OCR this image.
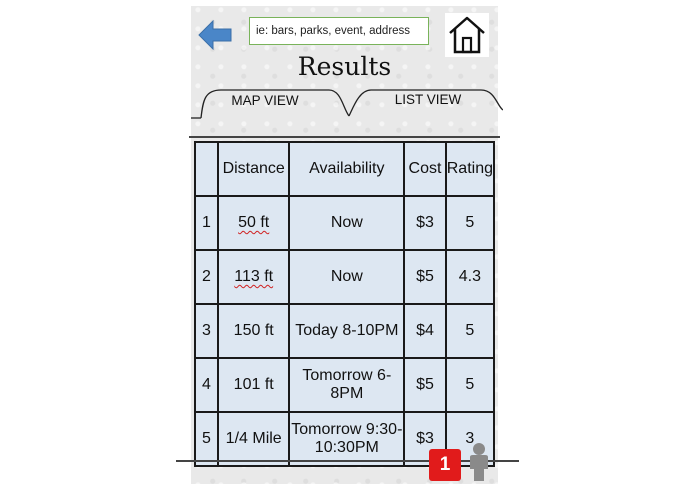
ie: bars, parks, event, address
Results
MAP VIEW	LIST VIEW
	Distance	Availability	Cost	Rating
1	50 ft	Now	$3	5
2	113 ft	Now	$5	4.3
3	150 ft	Today 8-10PM	$4	5
4	101 ft	Tomorrow 6-8PM	$5	5
5	1/4 Mile	Tomorrow 9:30-10:30PM	$3	3
1
